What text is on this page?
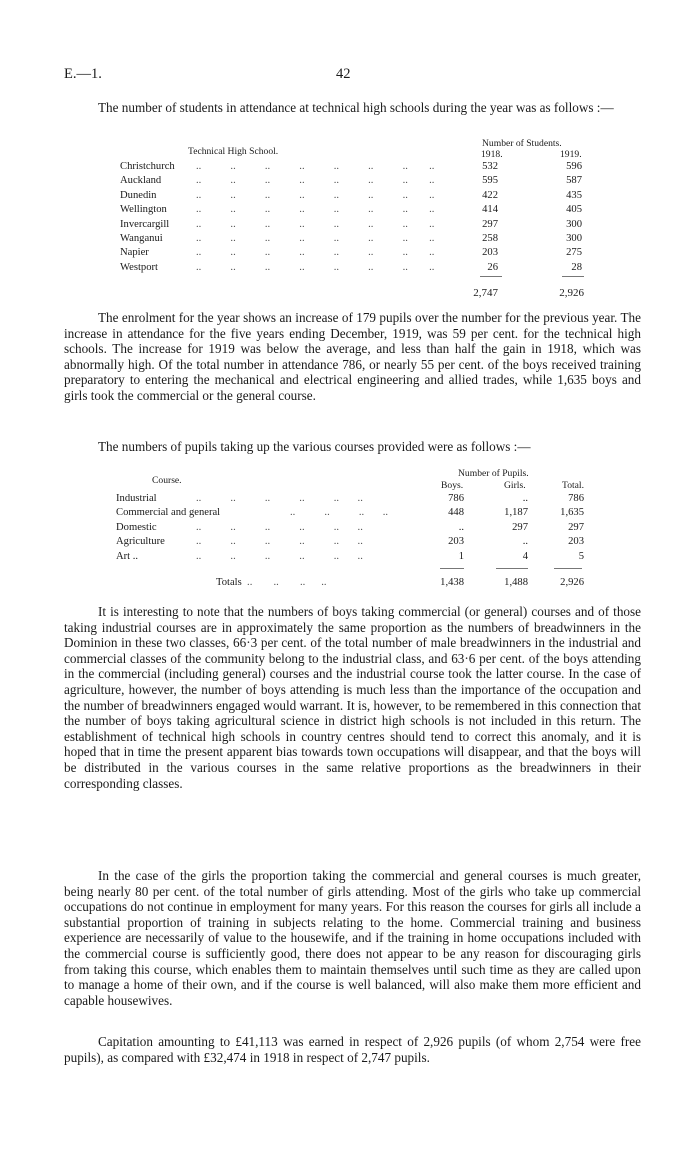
E.—1.	42

The number of students in attendance at technical high schools during the year was as follows :—

Technical High School.
Number of Students.
1918.	1919.
Christchurch ..           ..           ..           ..           ..           ..           ..        ..	532	596
Auckland	..           ..           ..           ..           ..           ..           ..        ..	595	587
Dunedin	..           ..           ..           ..           ..           ..           ..        ..	422	435
Wellington	..           ..           ..           ..           ..           ..           ..        ..	414	405
Invercargill	..           ..           ..           ..           ..           ..           ..        ..	297	300
Wanganui	..           ..           ..           ..           ..           ..           ..        ..	258	300
Napier	..           ..           ..           ..           ..           ..           ..        ..	203	275
Westport	..           ..           ..           ..           ..           ..           ..        ..	26	28
2,747	2,926

The enrolment for the year shows an increase of 179 pupils over the number for the previous year. The increase in attendance for the five years ending December, 1919, was 59 per cent. for the technical high schools. The increase for 1919 was below the average, and less than half the gain in 1918, which was abnormally high. Of the total number in attendance 786, or nearly 55 per cent. of the boys received training preparatory to entering the mechanical and electrical engineering and allied trades, while 1,635 boys and girls took the commercial or the general course.

The numbers of pupils taking up the various courses provided were as follows :—

Course.
Number of Pupils.
Boys.	Girls.	Total.
Industrial	..           ..           ..           ..           ..       ..	786	..	786
Commercial and general	..           ..           ..       ..	448	1,187	1,635
Domestic	..           ..           ..           ..           ..       ..	..	297	297
Agriculture	..           ..           ..           ..           ..       ..	203	..	203
Art ..	..           ..           ..           ..           ..       ..	1	4	5
Totals  ..        ..        ..      ..	1,438	1,488	2,926

It is interesting to note that the numbers of boys taking commercial (or general) courses and of those taking industrial courses are in approximately the same proportion as the numbers of breadwinners in the Dominion in these two classes, 66·3 per cent. of the total number of male breadwinners in the industrial and commercial classes of the community belong to the industrial class, and 63·6 per cent. of the boys attending in the commercial (including general) courses and the industrial course took the latter course. In the case of agriculture, however, the number of boys attending is much less than the importance of the occupation and the number of breadwinners engaged would warrant. It is, however, to be remembered in this connection that the number of boys taking agricultural science in district high schools is not included in this return. The establishment of technical high schools in country centres should tend to correct this anomaly, and it is hoped that in time the present apparent bias towards town occupations will disappear, and that the boys will be distributed in the various courses in the same relative proportions as the breadwinners in their corresponding classes.

In the case of the girls the proportion taking the commercial and general courses is much greater, being nearly 80 per cent. of the total number of girls attending. Most of the girls who take up commercial occupations do not continue in employment for many years. For this reason the courses for girls all include a substantial proportion of training in subjects relating to the home. Commercial training and business experience are necessarily of value to the housewife, and if the training in home occupations included with the commercial course is sufficiently good, there does not appear to be any reason for discouraging girls from taking this course, which enables them to maintain themselves until such time as they are called upon to manage a home of their own, and if the course is well balanced, will also make them more efficient and capable housewives.

Capitation amounting to £41,113 was earned in respect of 2,926 pupils (of whom 2,754 were free pupils), as compared with £32,474 in 1918 in respect of 2,747 pupils.
